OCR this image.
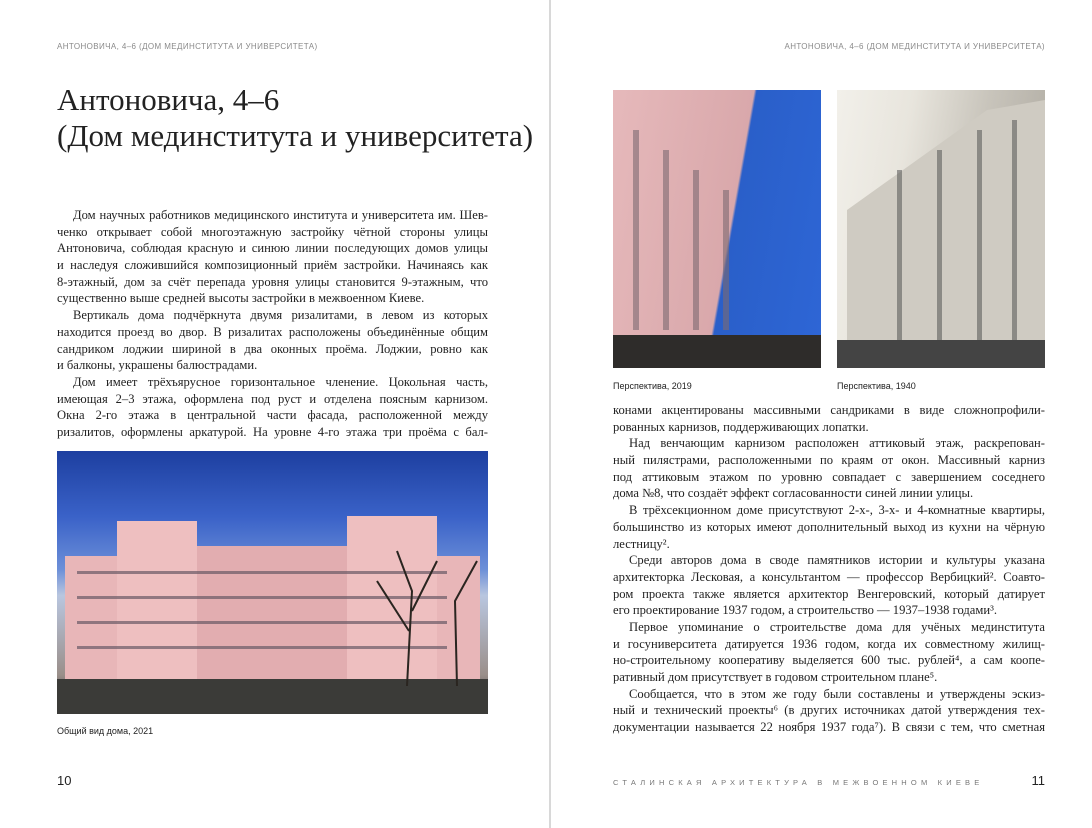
АНТОНОВИЧА, 4–6 (ДОМ МЕДИНСТИТУТА И УНИВЕРСИТЕТА)
Антоновича, 4–6
(Дом мединститута и университета)
Дом научных работников медицинского института и университета им. Шев-
ченко открывает собой многоэтажную застройку чётной стороны улицы
Антоновича, соблюдая красную и синюю линии последующих домов улицы
и наследуя сложившийся композиционный приём застройки. Начинаясь как
8-этажный, дом за счёт перепада уровня улицы становится 9-этажным, что
существенно выше средней высоты застройки в межвоенном Киеве.
Вертикаль дома подчёркнута двумя ризалитами, в левом из которых
находится проезд во двор. В ризалитах расположены объединённые общим
сандриком лоджии шириной в два оконных проёма. Лоджии, ровно как
и балконы, украшены балюстрадами.
Дом имеет трёхъярусное горизонтальное членение. Цокольная часть,
имеющая 2–3 этажа, оформлена под руст и отделена поясным карнизом.
Окна 2-го этажа в центральной части фасада, расположенной между
ризалитов, оформлены аркатурой. На уровне 4-го этажа три проёма с бал-
Общий вид дома, 2021
10
АНТОНОВИЧА, 4–6 (ДОМ МЕДИНСТИТУТА И УНИВЕРСИТЕТА)
Перспектива, 2019	Перспектива, 1940
конами акцентированы массивными сандриками в виде сложнопрофили-
рованных карнизов, поддерживающих лопатки.
Над венчающим карнизом расположен аттиковый этаж, раскрепован-
ный пилястрами, расположенными по краям от окон. Массивный карниз
под аттиковым этажом по уровню совпадает с завершением соседнего
дома №8, что создаёт эффект согласованности синей линии улицы.
В трёхсекционном доме присутствуют 2-х-, 3-х- и 4-комнатные квартиры,
большинство из которых имеют дополнительный выход из кухни на чёрную
лестницу².
Среди авторов дома в своде памятников истории и культуры указана
архитекторка Лесковая, а консультантом — профессор Вербицкий². Соавто-
ром проекта также является архитектор Венгеровский, который датирует
его проектирование 1937 годом, а строительство — 1937–1938 годами³.
Первое упоминание о строительстве дома для учёных мединститута
и госуниверситета датируется 1936 годом, когда их совместному жилищ-
но-строительному кооперативу выделяется 600 тыс. рублей⁴, а сам коопе-
ративный дом присутствует в годовом строительном плане⁵.
Сообщается, что в этом же году были составлены и утверждены эскиз-
ный и технический проекты⁶ (в других источниках датой утверждения тех-
документации называется 22 ноября 1937 года⁷). В связи с тем, что сметная
СТАЛИНСКАЯ АРХИТЕКТУРА В МЕЖВОЕННОМ КИЕВЕ	11
